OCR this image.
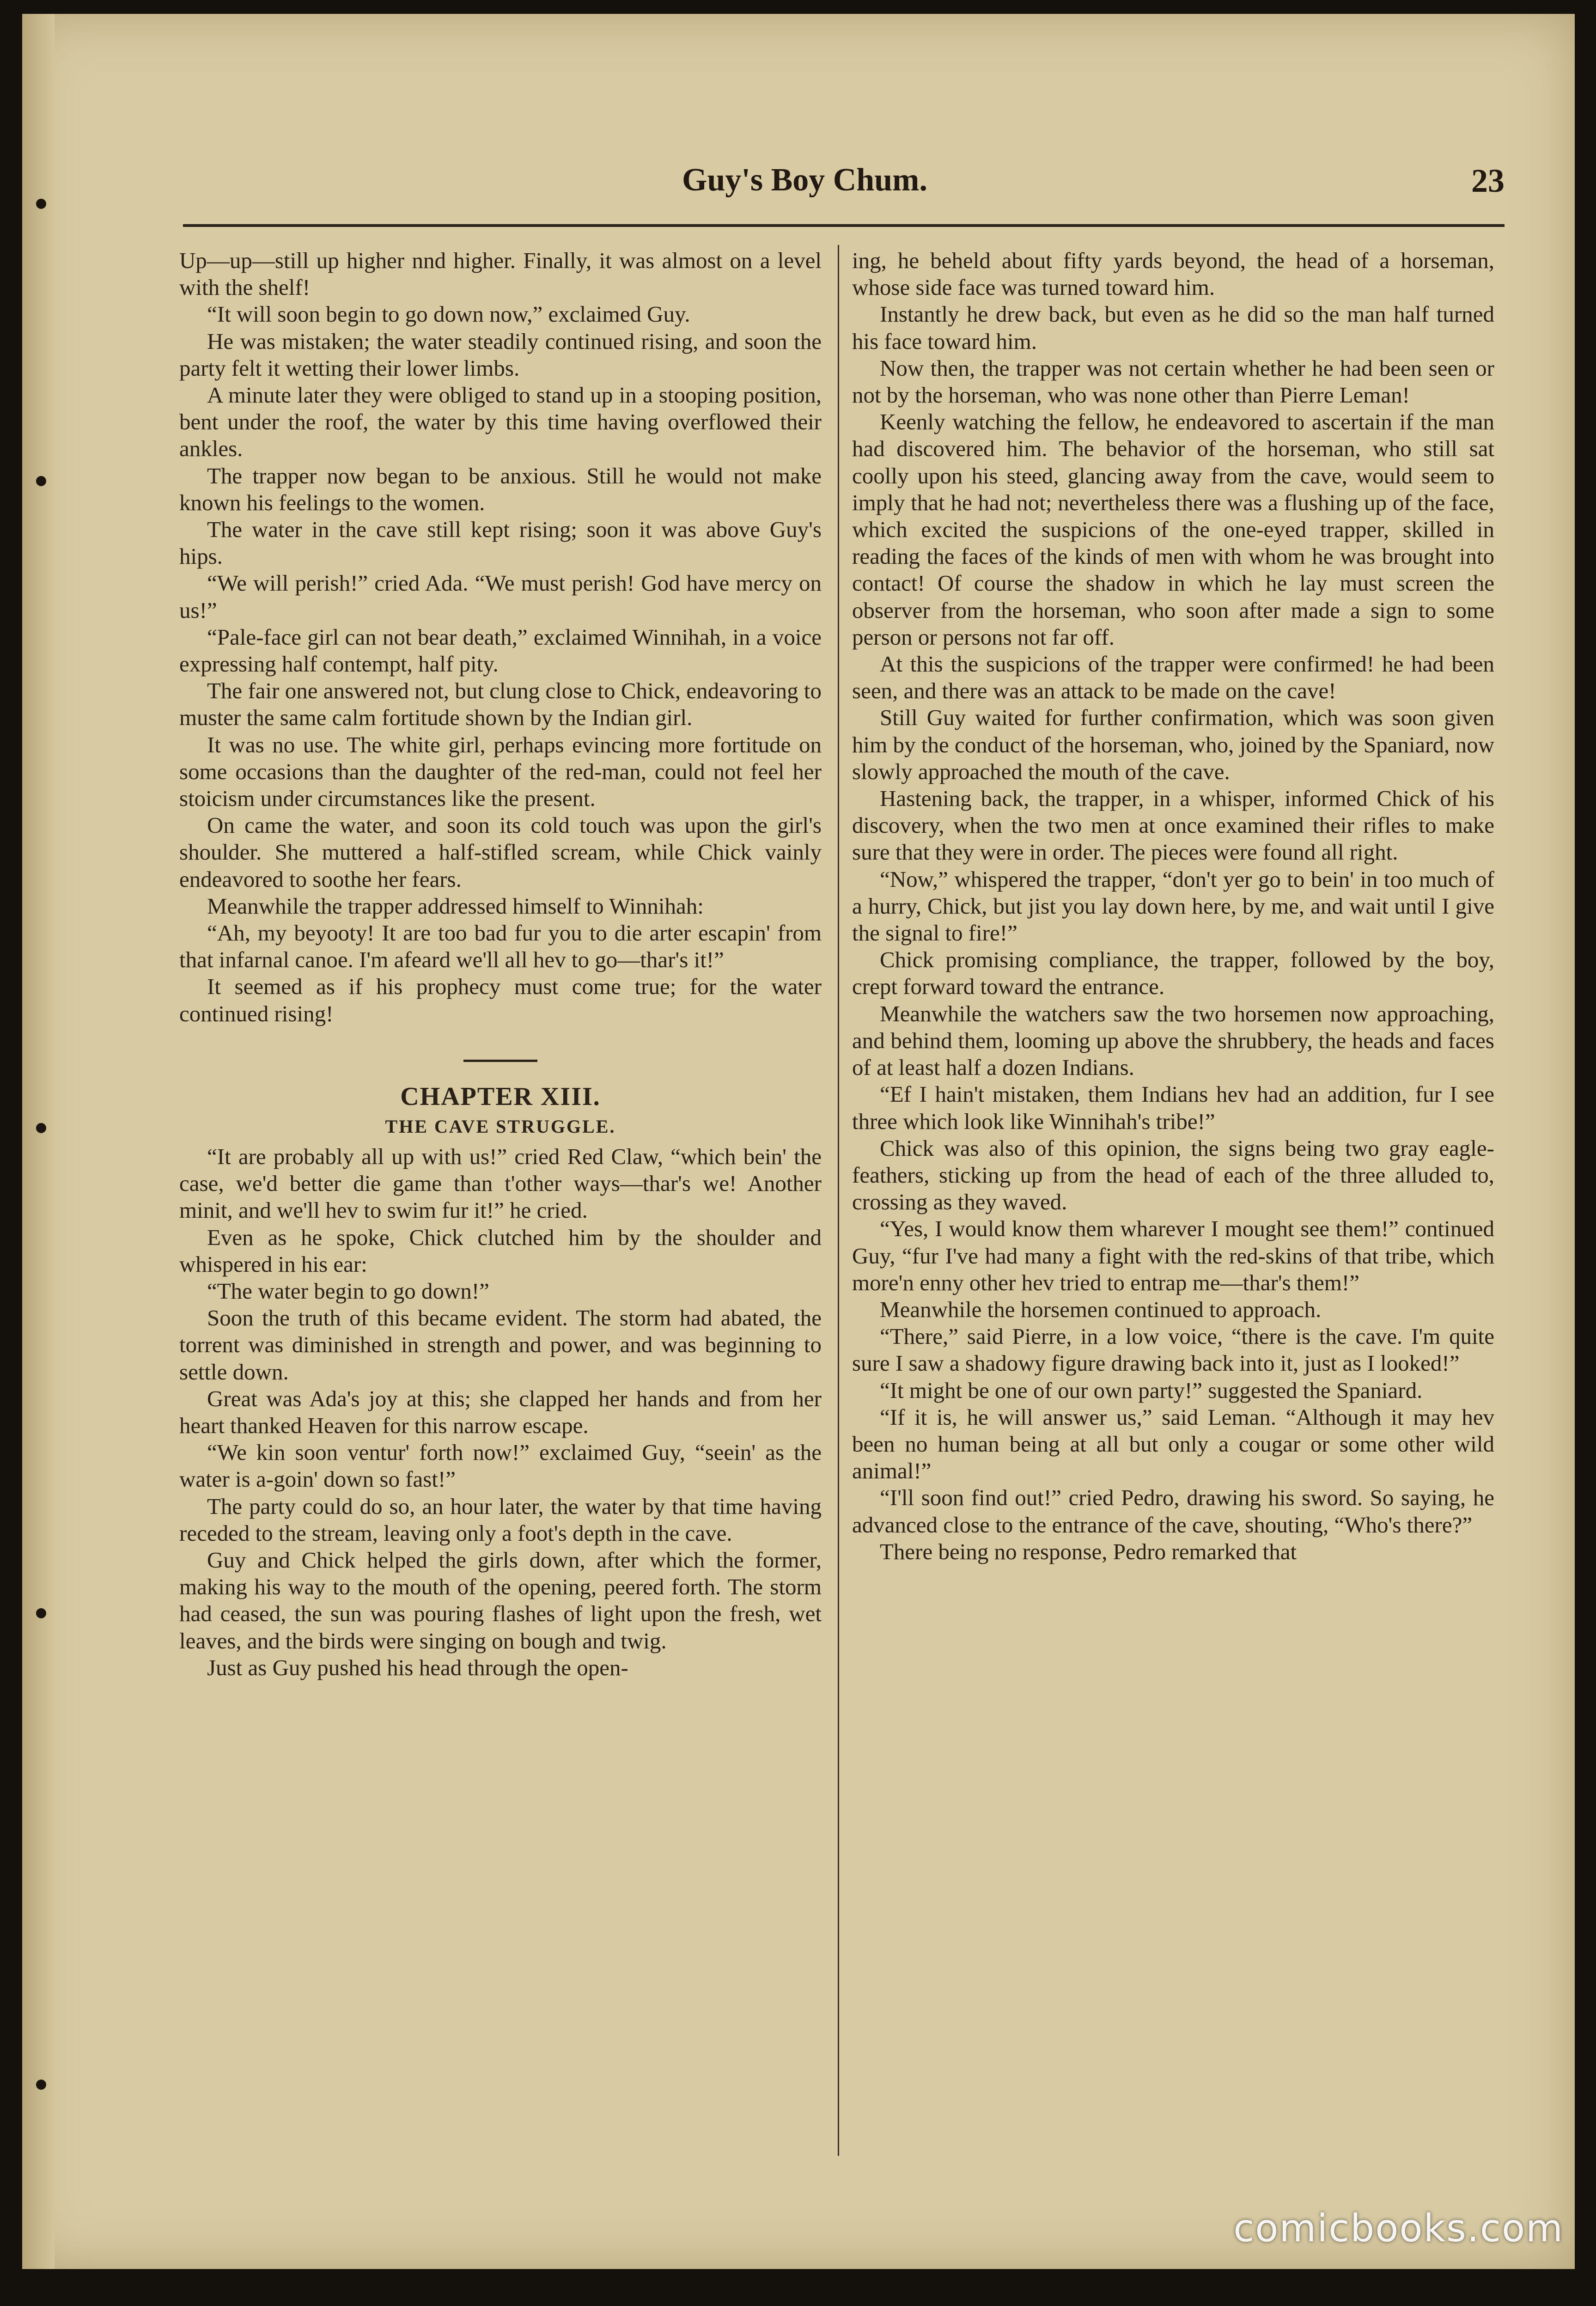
Guy's Boy Chum.	23

Up—up—still up higher nnd higher. Finally, it was almost on a level with the shelf!

“It will soon begin to go down now,” exclaimed Guy.

He was mistaken; the water steadily continued rising, and soon the party felt it wetting their lower limbs.

A minute later they were obliged to stand up in a stooping position, bent under the roof, the water by this time having overflowed their ankles.

The trapper now began to be anxious. Still he would not make known his feelings to the women.

The water in the cave still kept rising; soon it was above Guy's hips.

“We will perish!” cried Ada. “We must perish! God have mercy on us!”

“Pale-face girl can not bear death,” exclaimed Winnihah, in a voice expressing half contempt, half pity.

The fair one answered not, but clung close to Chick, endeavoring to muster the same calm fortitude shown by the Indian girl.

It was no use. The white girl, perhaps evincing more fortitude on some occasions than the daughter of the red-man, could not feel her stoicism under circumstances like the present.

On came the water, and soon its cold touch was upon the girl's shoulder. She muttered a half-stifled scream, while Chick vainly endeavored to soothe her fears.

Meanwhile the trapper addressed himself to Winnihah:

“Ah, my beyooty! It are too bad fur you to die arter escapin' from that infarnal canoe. I'm afeard we'll all hev to go—thar's it!”

It seemed as if his prophecy must come true; for the water continued rising!

CHAPTER XIII.
THE CAVE STRUGGLE.

“It are probably all up with us!” cried Red Claw, “which bein' the case, we'd better die game than t'other ways—thar's we! Another minit, and we'll hev to swim fur it!” he cried.

Even as he spoke, Chick clutched him by the shoulder and whispered in his ear:

“The water begin to go down!”

Soon the truth of this became evident. The storm had abated, the torrent was diminished in strength and power, and was beginning to settle down.

Great was Ada's joy at this; she clapped her hands and from her heart thanked Heaven for this narrow escape.

“We kin soon ventur' forth now!” exclaimed Guy, “seein' as the water is a-goin' down so fast!”

The party could do so, an hour later, the water by that time having receded to the stream, leaving only a foot's depth in the cave.

Guy and Chick helped the girls down, after which the former, making his way to the mouth of the opening, peered forth. The storm had ceased, the sun was pouring flashes of light upon the fresh, wet leaves, and the birds were singing on bough and twig.

Just as Guy pushed his head through the open-

ing, he beheld about fifty yards beyond, the head of a horseman, whose side face was turned toward him.

Instantly he drew back, but even as he did so the man half turned his face toward him.

Now then, the trapper was not certain whether he had been seen or not by the horseman, who was none other than Pierre Leman!

Keenly watching the fellow, he endeavored to ascertain if the man had discovered him. The behavior of the horseman, who still sat coolly upon his steed, glancing away from the cave, would seem to imply that he had not; nevertheless there was a flushing up of the face, which excited the suspicions of the one-eyed trapper, skilled in reading the faces of the kinds of men with whom he was brought into contact! Of course the shadow in which he lay must screen the observer from the horseman, who soon after made a sign to some person or persons not far off.

At this the suspicions of the trapper were confirmed! he had been seen, and there was an attack to be made on the cave!

Still Guy waited for further confirmation, which was soon given him by the conduct of the horseman, who, joined by the Spaniard, now slowly approached the mouth of the cave.

Hastening back, the trapper, in a whisper, informed Chick of his discovery, when the two men at once examined their rifles to make sure that they were in order. The pieces were found all right.

“Now,” whispered the trapper, “don't yer go to bein' in too much of a hurry, Chick, but jist you lay down here, by me, and wait until I give the signal to fire!”

Chick promising compliance, the trapper, followed by the boy, crept forward toward the entrance.

Meanwhile the watchers saw the two horsemen now approaching, and behind them, looming up above the shrubbery, the heads and faces of at least half a dozen Indians.

“Ef I hain't mistaken, them Indians hev had an addition, fur I see three which look like Winnihah's tribe!”

Chick was also of this opinion, the signs being two gray eagle-feathers, sticking up from the head of each of the three alluded to, crossing as they waved.

“Yes, I would know them wharever I mought see them!” continued Guy, “fur I've had many a fight with the red-skins of that tribe, which more'n enny other hev tried to entrap me—thar's them!”

Meanwhile the horsemen continued to approach.

“There,” said Pierre, in a low voice, “there is the cave. I'm quite sure I saw a shadowy figure drawing back into it, just as I looked!”

“It might be one of our own party!” suggested the Spaniard.

“If it is, he will answer us,” said Leman. “Although it may hev been no human being at all but only a cougar or some other wild animal!”

“I'll soon find out!” cried Pedro, drawing his sword. So saying, he advanced close to the entrance of the cave, shouting, “Who's there?”

There being no response, Pedro remarked that

comicbooks.com
